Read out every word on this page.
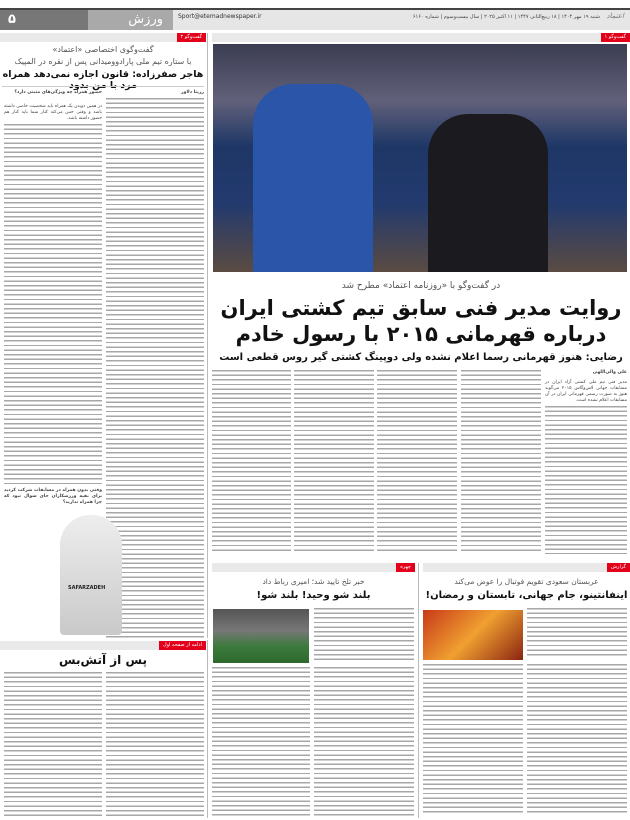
۵	ورزش	Sport@etemadnewspaper.ir	شنبه ۱۹ مهر ۱۴۰۴ | ۱۸ ربیع‌الثانی ۱۴۴۷ | ۱۱ اکتبر ۲۰۲۵ | سال بیست‌وسوم | شماره ۶۱۶۰ اعتماد
گفت‌و‌گو ۲
گفت‌وگوی اختصاصی «اعتماد»
با ستاره تیم ملی پارادوومیدانی پس از نقره در المپیک
هاجر صفرزاده: قانون اجازه نمی‌دهد همراه
رزیتا دلاور
حضور همراه چه ویژگی‌های مثبتی دارد؟
در همین دویدن یک همراه باید شخصیت خاصی داشته باشد و وقتی حس می‌کند کنار شما باید کنار هم حضور داشته باشد.
وقتی بدون همراه در مسابقات شرکت کردید برای بقیه ورزشکاران جای سوال نبود که چرا همراه ندارید؟
SAFARZADEH
گفت‌و‌گو ۱
در گفت‌وگو با «روزنامه اعتماد» مطرح شد
روایت مدیر فنی سابق تیم کشتی ایران
درباره قهرمانی ۲۰۱۵ با رسول خادم
رضایی: هنوز قهرمانی رسما اعلام نشده ولی دوپینگ کشتی گیر روس قطعی است
علی والی‌اللهی
مدیر فنی تیم ملی کشتی آزاد ایران در مسابقات جهانی لاس‌وگاس ۲۰۱۵ می‌گوید هنوز به صورت رسمی قهرمانی ایران در آن مسابقات اعلام نشده است.
گزارش
عربستان سعودی تقویم فوتبال را عوض می‌کند
اینفانتینو، جام جهانی، تابستان و رمضان!
چهره
خبر تلخ تایید شد؛ امیری رباط داد
بلند شو وحید! بلند شو!
ادامه از صفحه اول
پس از آتش‌بس
